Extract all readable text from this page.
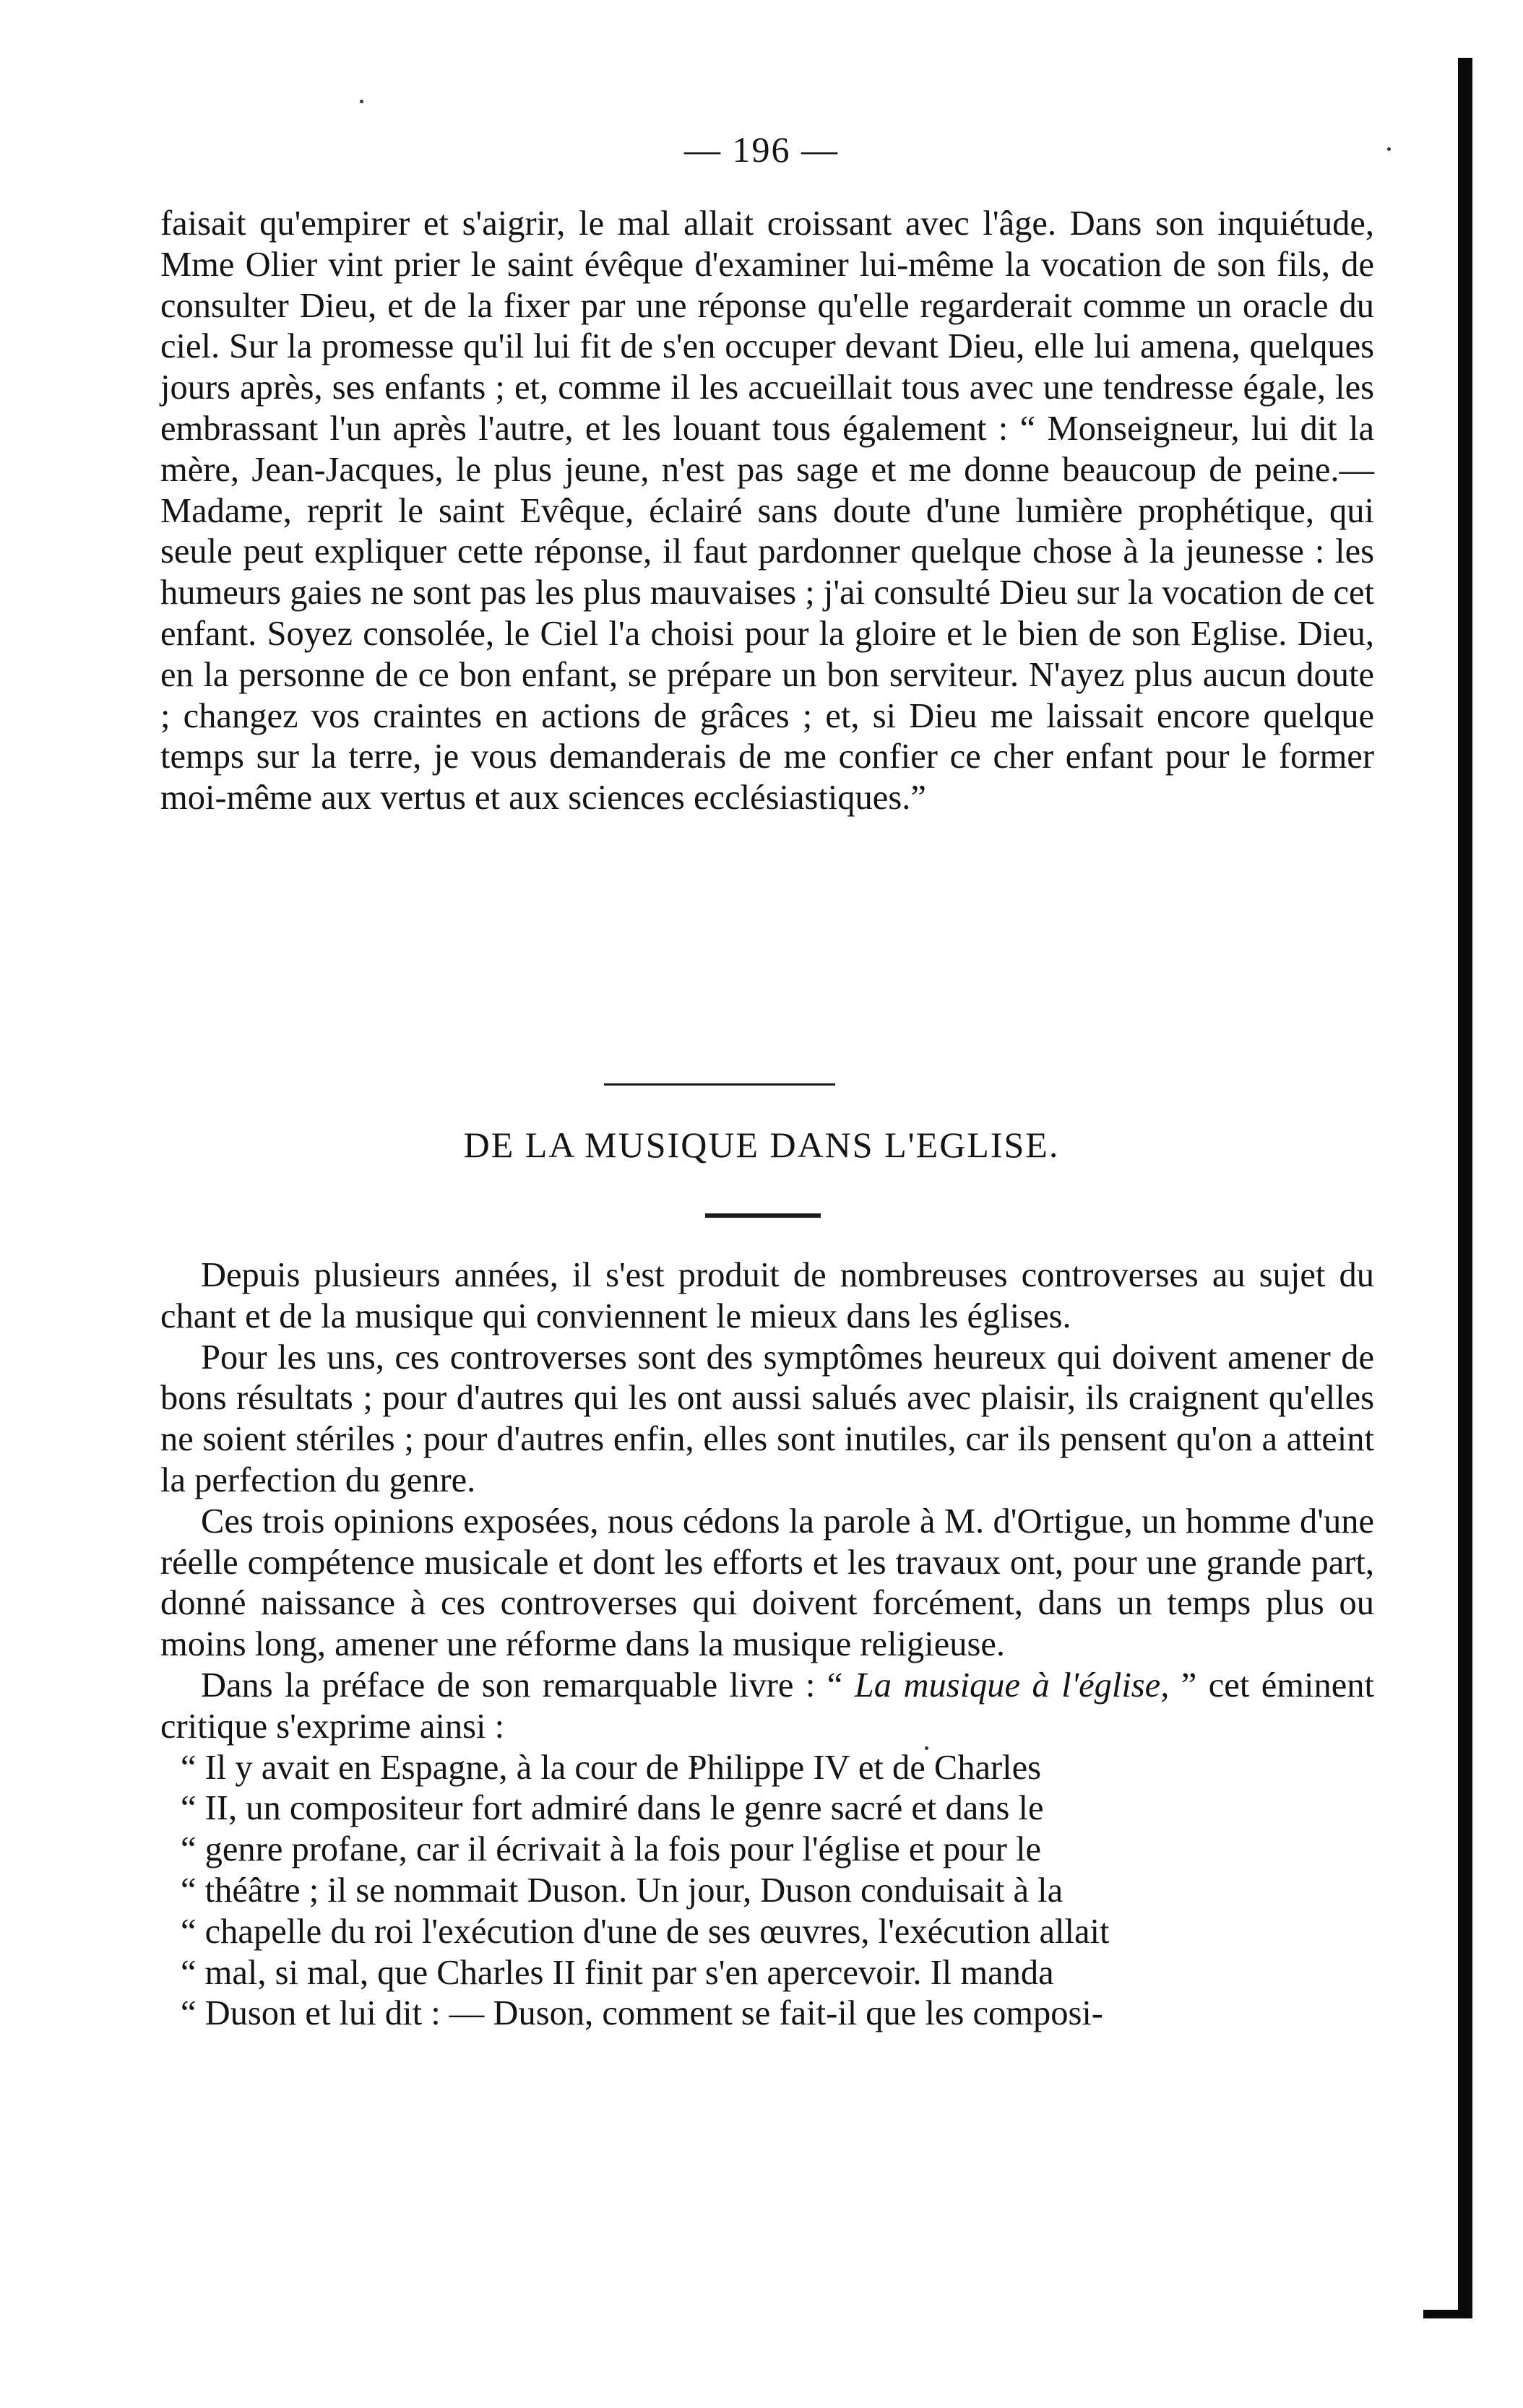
— 196 —

faisait qu'empirer et s'aigrir, le mal allait croissant avec l'âge. Dans son inquiétude, Mme Olier vint prier le saint évêque d'examiner lui-même la vocation de son fils, de consulter Dieu, et de la fixer par une réponse qu'elle regarderait comme un oracle du ciel. Sur la promesse qu'il lui fit de s'en occuper devant Dieu, elle lui amena, quelques jours après, ses enfants ; et, comme il les accueillait tous avec une tendresse égale, les embrassant l'un après l'autre, et les louant tous également : “ Monseigneur, lui dit la mère, Jean-Jacques, le plus jeune, n'est pas sage et me donne beaucoup de peine.—Madame, reprit le saint Evêque, éclairé sans doute d'une lumière prophétique, qui seule peut expliquer cette réponse, il faut pardonner quelque chose à la jeunesse : les humeurs gaies ne sont pas les plus mauvaises ; j'ai consulté Dieu sur la vocation de cet enfant. Soyez consolée, le Ciel l'a choisi pour la gloire et le bien de son Eglise. Dieu, en la personne de ce bon enfant, se prépare un bon serviteur. N'ayez plus aucun doute ; changez vos craintes en actions de grâces ; et, si Dieu me laissait encore quelque temps sur la terre, je vous demanderais de me confier ce cher enfant pour le former moi-même aux vertus et aux sciences ecclésiastiques.”

DE LA MUSIQUE DANS L'EGLISE.

Depuis plusieurs années, il s'est produit de nombreuses controverses au sujet du chant et de la musique qui conviennent le mieux dans les églises.

Pour les uns, ces controverses sont des symptômes heureux qui doivent amener de bons résultats ; pour d'autres qui les ont aussi salués avec plaisir, ils craignent qu'elles ne soient stériles ; pour d'autres enfin, elles sont inutiles, car ils pensent qu'on a atteint la perfection du genre.

Ces trois opinions exposées, nous cédons la parole à M. d'Ortigue, un homme d'une réelle compétence musicale et dont les efforts et les travaux ont, pour une grande part, donné naissance à ces controverses qui doivent forcément, dans un temps plus ou moins long, amener une réforme dans la musique religieuse.

Dans la préface de son remarquable livre : “ La musique à l'église, ” cet éminent critique s'exprime ainsi :

“ Il y avait en Espagne, à la cour de Philippe IV et de Charles

“ II, un compositeur fort admiré dans le genre sacré et dans le

“ genre profane, car il écrivait à la fois pour l'église et pour le

“ théâtre ; il se nommait Duson. Un jour, Duson conduisait à la

“ chapelle du roi l'exécution d'une de ses œuvres, l'exécution allait

“ mal, si mal, que Charles II finit par s'en apercevoir. Il manda

“ Duson et lui dit : — Duson, comment se fait-il que les composi-
